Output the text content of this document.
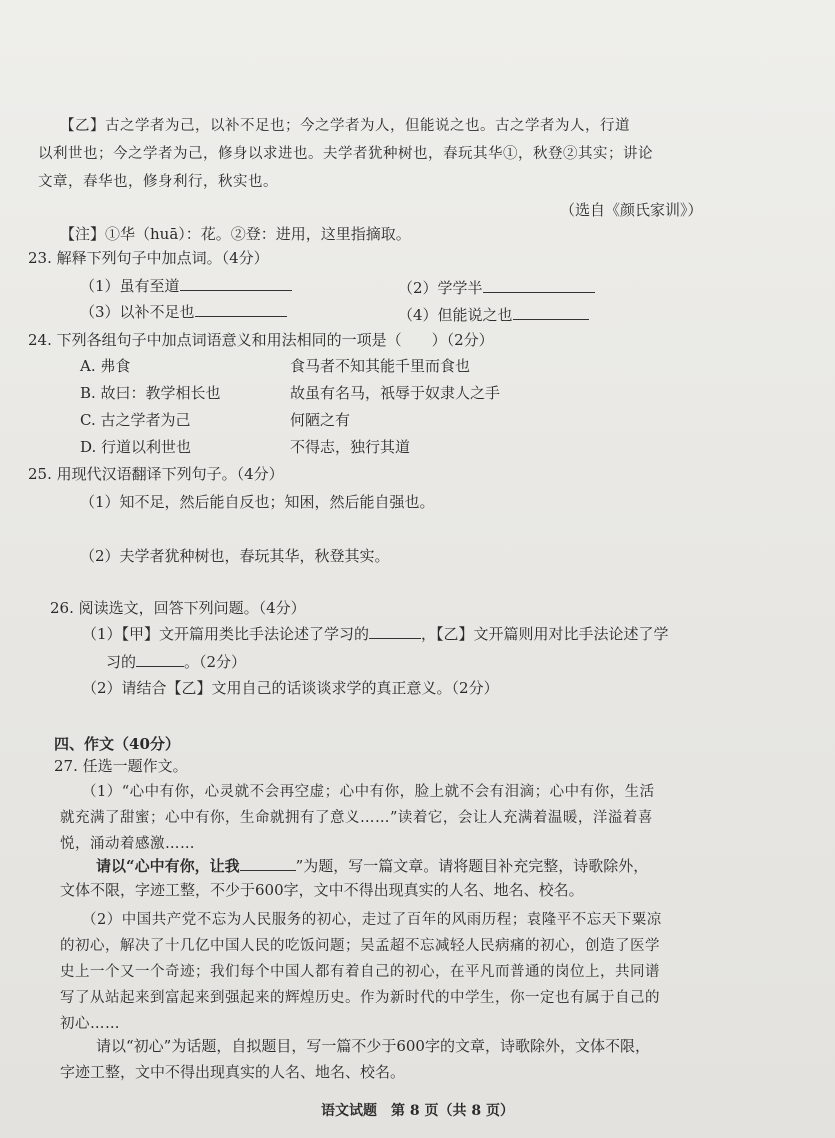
【乙】古之学者为己，以补不足也；今之学者为人，但能说之也。古之学者为人，行道
以利世也；今之学者为己，修身以求进也。夫学者犹种树也，春玩其华①，秋登②其实；讲论
文章，春华也，修身利行，秋实也。
（选自《颜氏家训》）
【注】①华（huā）：花。②登：进用，这里指摘取。
23. 解释下列句子中加点词。（4分）
（1）虽有至道	（2）学学半
（3）以补不足也	（4）但能说之也
24. 下列各组句子中加点词语意义和用法相同的一项是（　　）（2分）
A. 弗食	食马者不知其能千里而食也
B. 故曰：教学相长也	故虽有名马，祇辱于奴隶人之手
C. 古之学者为己	何陋之有
D. 行道以利世也	不得志，独行其道
25. 用现代汉语翻译下列句子。（4分）
（1）知不足，然后能自反也；知困，然后能自强也。
（2）夫学者犹种树也，春玩其华，秋登其实。
26. 阅读选文，回答下列问题。（4分）
（1）【甲】文开篇用类比手法论述了学习的	，【乙】文开篇则用对比手法论述了学
习的	。（2分）
（2）请结合【乙】文用自己的话谈谈求学的真正意义。（2分）
四、作文（40分）
27. 任选一题作文。
（1）“心中有你，心灵就不会再空虚；心中有你，脸上就不会有泪滴；心中有你，生活
就充满了甜蜜；心中有你，生命就拥有了意义……”读着它，会让人充满着温暖，洋溢着喜
悦，涌动着感激……
请以“心中有你，让我	”为题，写一篇文章。请将题目补充完整，诗歌除外，
文体不限，字迹工整，不少于600字，文中不得出现真实的人名、地名、校名。
（2）中国共产党不忘为人民服务的初心，走过了百年的风雨历程；袁隆平不忘天下粟凉
的初心，解决了十几亿中国人民的吃饭问题；吴孟超不忘减轻人民病痛的初心，创造了医学
史上一个又一个奇迹；我们每个中国人都有着自己的初心，在平凡而普通的岗位上，共同谱
写了从站起来到富起来到强起来的辉煌历史。作为新时代的中学生，你一定也有属于自己的
初心……
请以“初心”为话题，自拟题目，写一篇不少于600字的文章，诗歌除外，文体不限，
字迹工整，文中不得出现真实的人名、地名、校名。
语文试题　第 8 页（共 8 页）
